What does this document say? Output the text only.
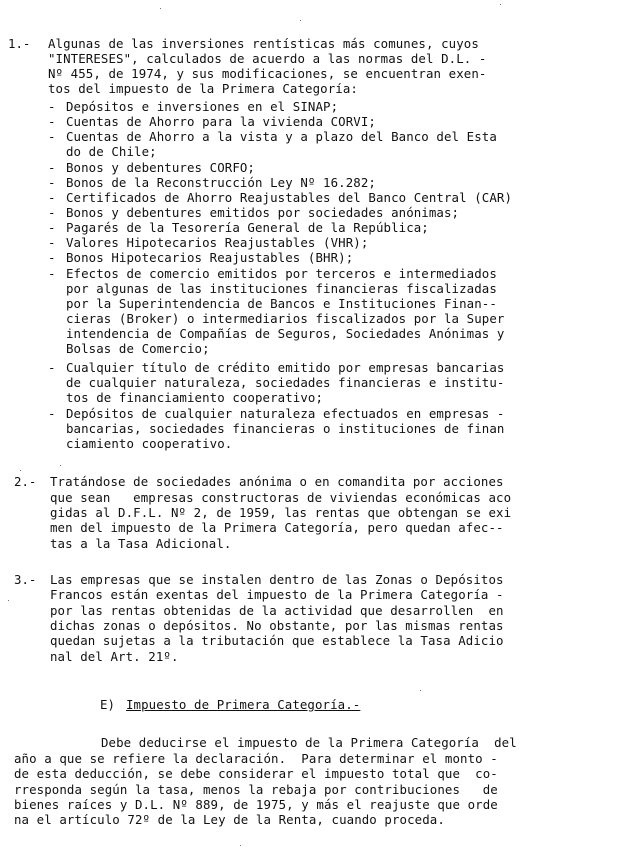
1.- Algunas de las inversiones rentísticas más comunes, cuyos
"INTERESES", calculados de acuerdo a las normas del D.L. -
Nº 455, de 1974, y sus modificaciones, se encuentran exen-
tos del impuesto de la Primera Categoría:
- Depósitos e inversiones en el SINAP;
- Cuentas de Ahorro para la vivienda CORVI;
- Cuentas de Ahorro a la vista y a plazo del Banco del Esta
do de Chile;
- Bonos y debentures CORFO;
- Bonos de la Reconstrucción Ley Nº 16.282;
- Certificados de Ahorro Reajustables del Banco Central (CAR)
- Bonos y debentures emitidos por sociedades anónimas;
- Pagarés de la Tesorería General de la República;
- Valores Hipotecarios Reajustables (VHR);
- Bonos Hipotecarios Reajustables (BHR);
- Efectos de comercio emitidos por terceros e intermediados
por algunas de las instituciones financieras fiscalizadas
por la Superintendencia de Bancos e Instituciones Finan--
cieras (Broker) o intermediarios fiscalizados por la Super
intendencia de Compañías de Seguros, Sociedades Anónimas y
Bolsas de Comercio;
- Cualquier título de crédito emitido por empresas bancarias
de cualquier naturaleza, sociedades financieras e institu-
tos de financiamiento cooperativo;
- Depósitos de cualquier naturaleza efectuados en empresas -
bancarias, sociedades financieras o instituciones de finan
ciamiento cooperativo.
2.- Tratándose de sociedades anónima o en comandita por acciones
que sean   empresas constructoras de viviendas económicas aco
gidas al D.F.L. Nº 2, de 1959, las rentas que obtengan se exi
men del impuesto de la Primera Categoría, pero quedan afec--
tas a la Tasa Adicional.
3.- Las empresas que se instalen dentro de las Zonas o Depósitos
Francos están exentas del impuesto de la Primera Categoría -
por las rentas obtenidas de la actividad que desarrollen  en
dichas zonas o depósitos. No obstante, por las mismas rentas
quedan sujetas a la tributación que establece la Tasa Adicio
nal del Art. 21º.
E) Impuesto de Primera Categoría.-
Debe deducirse el impuesto de la Primera Categoría  del
año a que se refiere la declaración.  Para determinar el monto -
de esta deducción, se debe considerar el impuesto total que  co-
rresponda según la tasa, menos la rebaja por contribuciones   de
bienes raíces y D.L. Nº 889, de 1975, y más el reajuste que orde
na el artículo 72º de la Ley de la Renta, cuando proceda.
